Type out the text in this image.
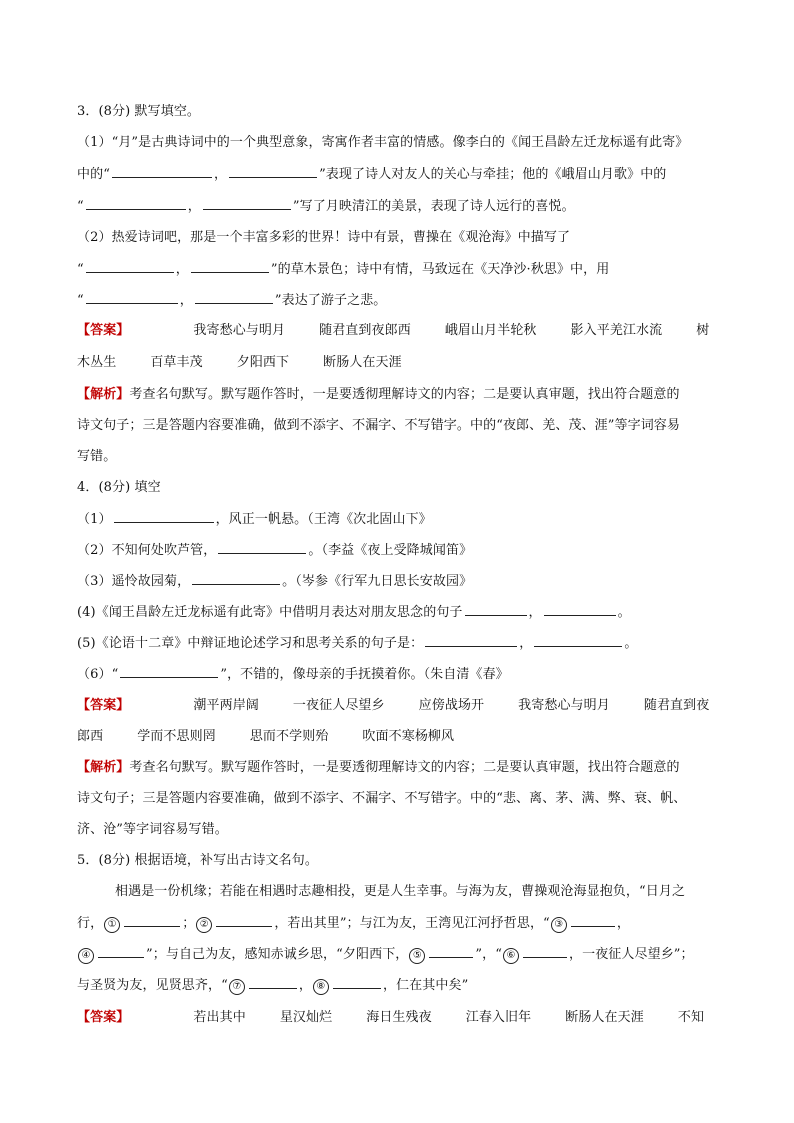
3．(8分) 默写填空。
（1）“月”是古典诗词中的一个典型意象，寄寓作者丰富的情感。像李白的《闻王昌龄左迁龙标遥有此寄》
中的“	，	”表现了诗人对友人的关心与牵挂；他的《峨眉山月歌》中的
“	，	”写了月映清江的美景，表现了诗人远行的喜悦。
（2）热爱诗词吧，那是一个丰富多彩的世界！诗中有景，曹操在《观沧海》中描写了
“	，	”的草木景色；诗中有情，马致远在《天净沙·秋思》中，用
“	，	”表达了游子之悲。
【答案】	我寄愁心与明月	随君直到夜郎西	峨眉山月半轮秋	影入平羌江水流	树
木丛生	百草丰茂	夕阳西下	断肠人在天涯
【解析】考查名句默写。默写题作答时，一是要透彻理解诗文的内容；二是要认真审题，找出符合题意的
诗文句子；三是答题内容要准确，做到不添字、不漏字、不写错字。中的“夜郎、羌、茂、涯”等字词容易
写错。
4．(8分) 填空
（1）	，风正一帆悬。（王湾《次北固山下》
（2）不知何处吹芦管，	。（李益《夜上受降城闻笛》
（3）遥怜故园菊，	。（岑参《行军九日思长安故园》
(4)《闻王昌龄左迁龙标遥有此寄》中借明月表达对朋友思念的句子	，	。
(5)《论语十二章》中辩证地论述学习和思考关系的句子是：	，	。
（6）“	”，不错的，像母亲的手抚摸着你。（朱自清《春》
【答案】	潮平两岸阔	一夜征人尽望乡	应傍战场开	我寄愁心与明月	随君直到夜
郎西	学而不思则罔	思而不学则殆	吹面不寒杨柳风
【解析】考查名句默写。默写题作答时，一是要透彻理解诗文的内容；二是要认真审题，找出符合题意的
诗文句子；三是答题内容要准确，做到不添字、不漏字、不写错字。中的“悲、离、茅、满、弊、衰、帆、
济、沧”等字词容易写错。
5．(8分) 根据语境，补写出古诗文名句。
相遇是一份机缘；若能在相遇时志趣相投，更是人生幸事。与海为友，曹操观沧海显抱负，“日月之
行， ①	； ②	，若出其里”；与江为友，王湾见江河抒哲思，“ ③	，
④	”；与自己为友，感知赤诚乡思，“夕阳西下， ⑤	”，“ ⑥	，一夜征人尽望乡”；
与圣贤为友，见贤思齐，“ ⑦	， ⑧	，仁在其中矣”
【答案】	若出其中	星汉灿烂	海日生残夜	江春入旧年	断肠人在天涯	不知
